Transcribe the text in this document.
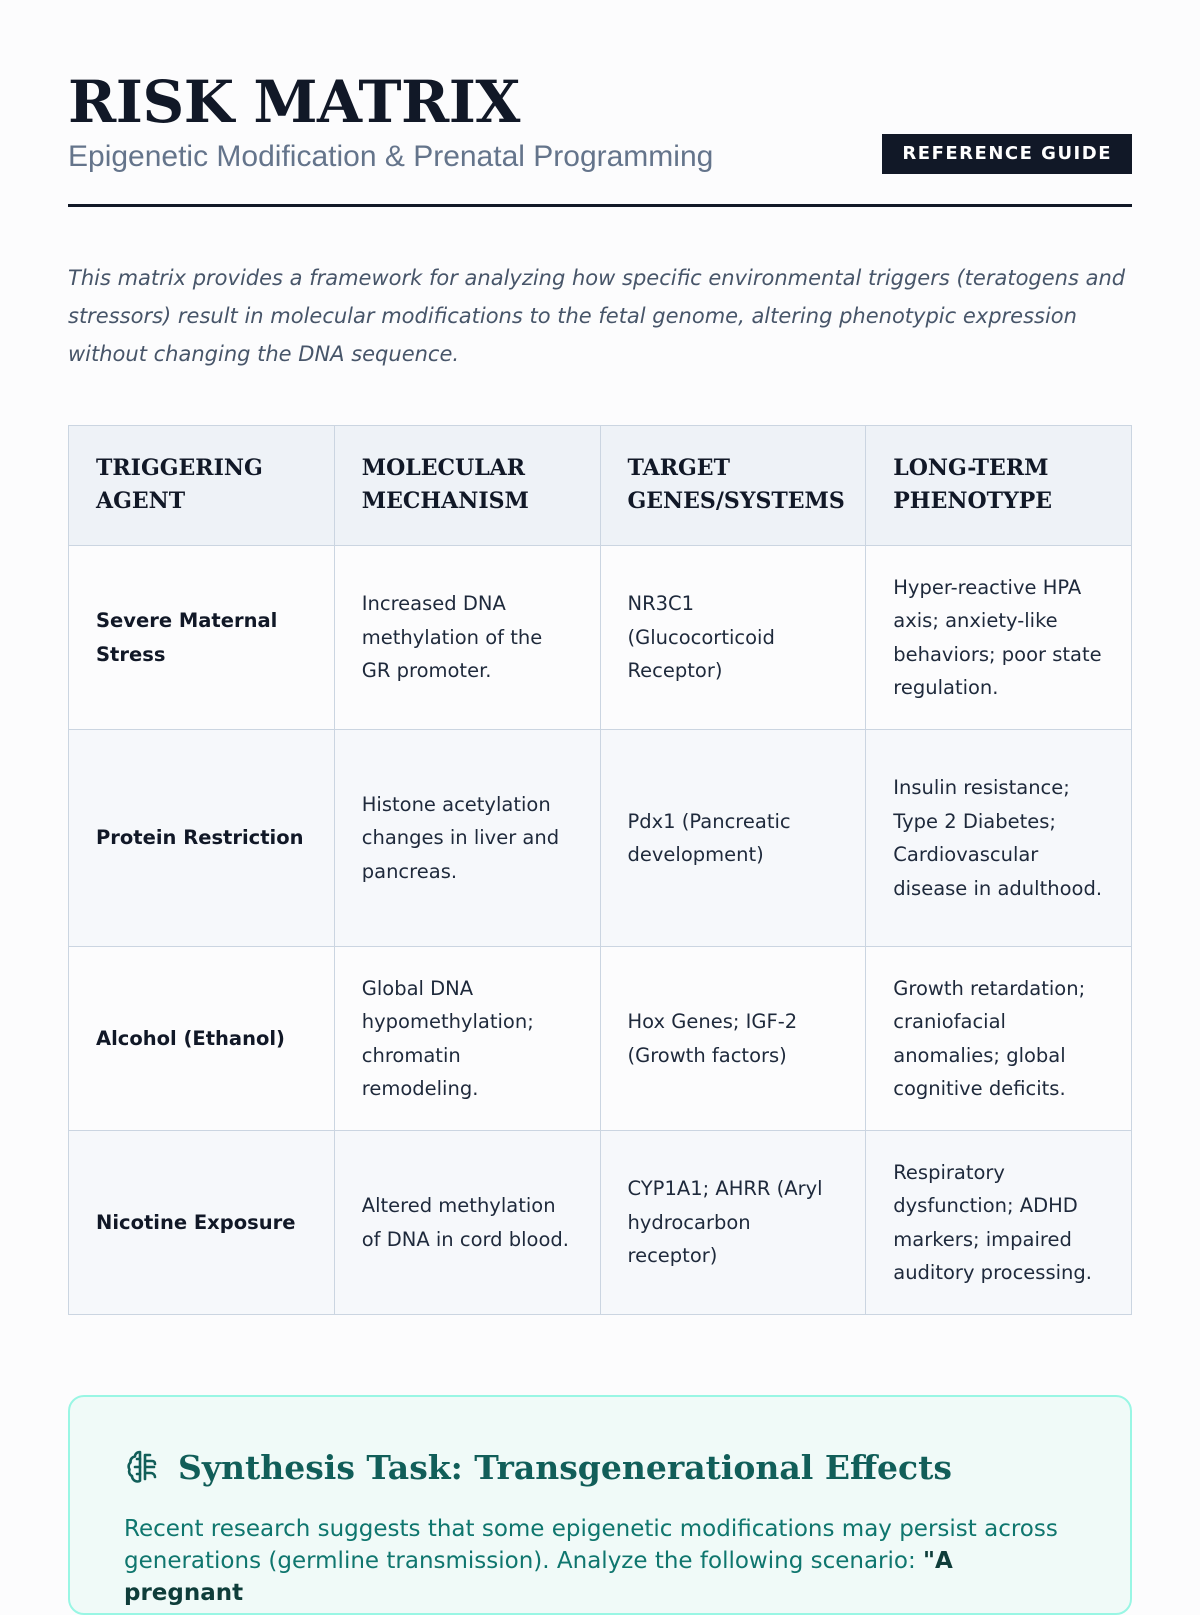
RISK MATRIX
Epigenetic Modification & Prenatal Programming	REFERENCE GUIDE

This matrix provides a framework for analyzing how specific environmental triggers (teratogens and stressors) result in molecular modifications to the fetal genome, altering phenotypic expression without changing the DNA sequence.

TRIGGERING AGENT	MOLECULAR MECHANISM	TARGET GENES/SYSTEMS	LONG-TERM PHENOTYPE
Severe Maternal Stress	Increased DNA methylation of the GR promoter.	NR3C1 (Glucocorticoid Receptor)	Hyper-reactive HPA axis; anxiety-like behaviors; poor state regulation.
Protein Restriction	Histone acetylation changes in liver and pancreas.	Pdx1 (Pancreatic development)	Insulin resistance; Type 2 Diabetes; Cardiovascular disease in adulthood.
Alcohol (Ethanol)	Global DNA hypomethylation; chromatin remodeling.	Hox Genes; IGF-2 (Growth factors)	Growth retardation; craniofacial anomalies; global cognitive deficits.
Nicotine Exposure	Altered methylation of DNA in cord blood.	CYP1A1; AHRR (Aryl hydrocarbon receptor)	Respiratory dysfunction; ADHD markers; impaired auditory processing.
Synthesis Task: Transgenerational Effects
Recent research suggests that some epigenetic modifications may persist across generations (germline transmission). Analyze the following scenario: "A pregnant
